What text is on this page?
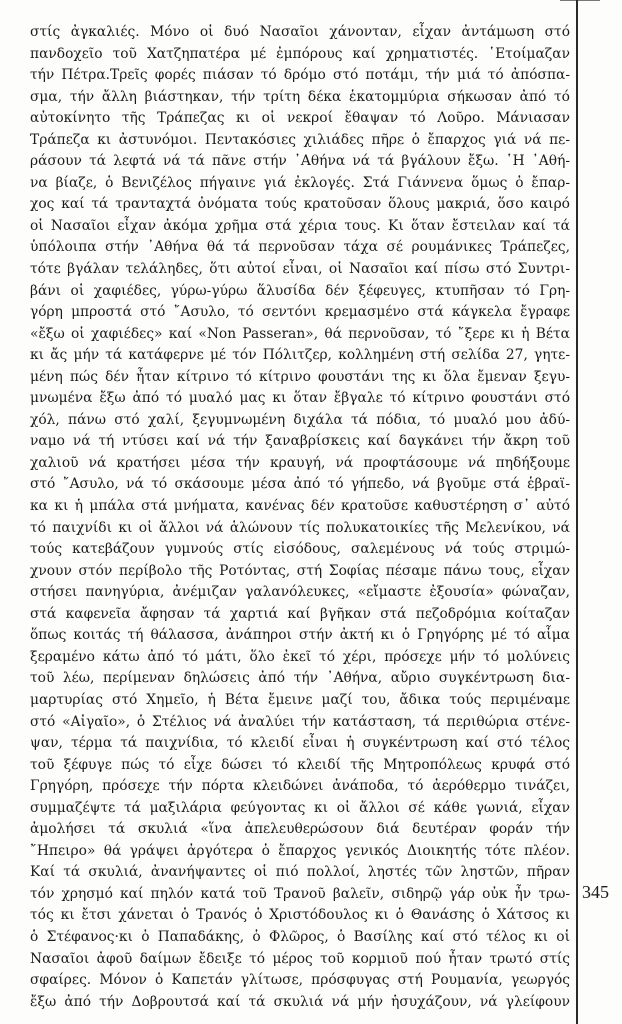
στίς ἀγκαλιές. Μόνο οἱ δυό Νασαῖοι χάνονταν, εἶχαν ἀντάμωση στό
πανδοχεῖο τοῦ Χατζηπατέρα μέ ἐμπόρους καί χρηματιστές. ῾Ετοίμαζαν
τήν Πέτρα.Τρεῖς φορές πιάσαν τό δρόμο στό ποτάμι, τήν μιά τό ἀπόσπα-
σμα, τήν ἄλλη βιάστηκαν, τήν τρίτη δέκα ἑκατομμύρια σήκωσαν ἀπό τό
αὐτοκίνητο τῆς Τράπεζας κι οἱ νεκροί ἔθαψαν τό Λοῦρο. Μάνιασαν
Τράπεζα κι ἀστυνόμοι. Πεντακόσιες χιλιάδες πῆρε ὁ ἔπαρχος γιά νά πε-
ράσουν τά λεφτά νά τά πᾶνε στήν ᾽Αθήνα νά τά βγάλουν ἔξω. ῾Η ᾽Αθή-
να βίαζε, ὁ Βενιζέλος πήγαινε γιά ἐκλογές. Στά Γιάννενα ὅμως ὁ ἔπαρ-
χος καί τά τρανταχτά ὀνόματα τούς κρατοῦσαν ὅλους μακριά, ὅσο καιρό
οἱ Νασαῖοι εἶχαν ἀκόμα χρῆμα στά χέρια τους. Κι ὅταν ἔστειλαν καί τά
ὑπόλοιπα στήν ᾽Αθήνα θά τά περνοῦσαν τάχα σέ ρουμάνικες Τράπεζες,
τότε βγάλαν τελάληδες, ὅτι αὐτοί εἶναι, οἱ Νασαῖοι καί πίσω στό Συντρι-
βάνι οἱ χαφιέδες, γύρω-γύρω ἅλυσίδα δέν ξέφευγες, κτυπῆσαν τό Γρη-
γόρη μπροστά στό ῎Ασυλο, τό σεντόνι κρεμασμένο στά κάγκελα ἔγραφε
«ἔξω οἱ χαφιέδες» καί «Non Passeran», θά περνοῦσαν, τό ῎ξερε κι ἡ Βέτα
κι ἄς μήν τά κατάφερνε μέ τόν Πόλιτζερ, κολλημένη στή σελίδα 27, γητε-
μένη πώς δέν ἦταν κίτρινο τό κίτρινο φουστάνι της κι ὅλα ἔμεναν ξεγυ-
μνωμένα ἔξω ἀπό τό μυαλό μας κι ὅταν ἔβγαλε τό κίτρινο φουστάνι στό
χόλ, πάνω στό χαλί, ξεγυμνωμένη διχάλα τά πόδια, τό μυαλό μου ἀδύ-
ναμο νά τή ντύσει καί νά τήν ξαναβρίσκεις καί δαγκάνει τήν ἄκρη τοῦ
χαλιοῦ νά κρατήσει μέσα τήν κραυγή, νά προφτάσουμε νά πηδήξουμε
στό ῎Ασυλο, νά τό σκάσουμε μέσα ἀπό τό γήπεδο, νά βγοῦμε στά ἑβραϊ-
κα κι ἡ μπάλα στά μνήματα, κανένας δέν κρατοῦσε καθυστέρηση σ᾽ αὐτό
τό παιχνίδι κι οἱ ἄλλοι νά ἁλώνουν τίς πολυκατοικίες τῆς Μελενίκου, νά
τούς κατεβάζουν γυμνούς στίς εἰσόδους, σαλεμένους νά τούς στριμώ-
χνουν στόν περίβολο τῆς Ροτόντας, στή Σοφίας πέσαμε πάνω τους, εἶχαν
στήσει πανηγύρια, ἀνέμιζαν γαλανόλευκες, «εἴμαστε ἐξουσία» φώναζαν,
στά καφενεῖα ἄφησαν τά χαρτιά καί βγῆκαν στά πεζοδρόμια κοίταζαν
ὅπως κοιτάς τή θάλασσα, ἀνάπηροι στήν ἀκτή κι ὁ Γρηγόρης μέ τό αἷμα
ξεραμένο κάτω ἀπό τό μάτι, ὅλο ἐκεῖ τό χέρι, πρόσεχε μήν τό μολύνεις
τοῦ λέω, περίμεναν δηλώσεις ἀπό τήν ᾽Αθήνα, αὔριο συγκέντρωση δια-
μαρτυρίας στό Χημεῖο, ἡ Βέτα ἔμεινε μαζί του, ἄδικα τούς περιμέναμε
στό «Αἰγαῖο», ὁ Στέλιος νά ἀναλύει τήν κατάσταση, τά περιθώρια στένε-
ψαν, τέρμα τά παιχνίδια, τό κλειδί εἶναι ἡ συγκέντρωση καί στό τέλος
τοῦ ξέφυγε πώς τό εἶχε δώσει τό κλειδί τῆς Μητροπόλεως κρυφά στό
Γρηγόρη, πρόσεχε τήν πόρτα κλειδώνει ἀνάποδα, τό ἀερόθερμο τινάζει,
συμμαζέψτε τά μαξιλάρια φεύγοντας κι οἱ ἄλλοι σέ κάθε γωνιά, εἶχαν
ἀμολήσει τά σκυλιά «ἵνα ἀπελευθερώσουν διά δευτέραν φοράν τήν
῎Ηπειρο» θά γράψει ἀργότερα ὁ ἔπαρχος γενικός Διοικητής τότε πλέον.
Καί τά σκυλιά, ἀνανήψαντες οἱ πιό πολλοί, ληστές τῶν ληστῶν, πῆραν
τόν χρησμό καί πηλόν κατά τοῦ Τρανοῦ βαλεῖν, σιδηρῷ γάρ οὐκ ἦν τρω-
τός κι ἔτσι χάνεται ὁ Τρανός ὁ Χριστόδουλος κι ὁ Θανάσης ὁ Χάτσος κι
ὁ Στέφανος·κι ὁ Παπαδάκης, ὁ Φλῶρος, ὁ Βασίλης καί στό τέλος κι οἱ
Νασαῖοι ἀφοῦ δαίμων ἔδειξε τό μέρος τοῦ κορμιοῦ πού ἦταν τρωτό στίς
σφαίρες. Μόνον ὁ Καπετάν γλίτωσε, πρόσφυγας στή Ρουμανία, γεωργός
ἔξω ἀπό τήν Δοβρουτσά καί τά σκυλιά νά μήν ἡσυχάζουν, νά γλείφουν
345
